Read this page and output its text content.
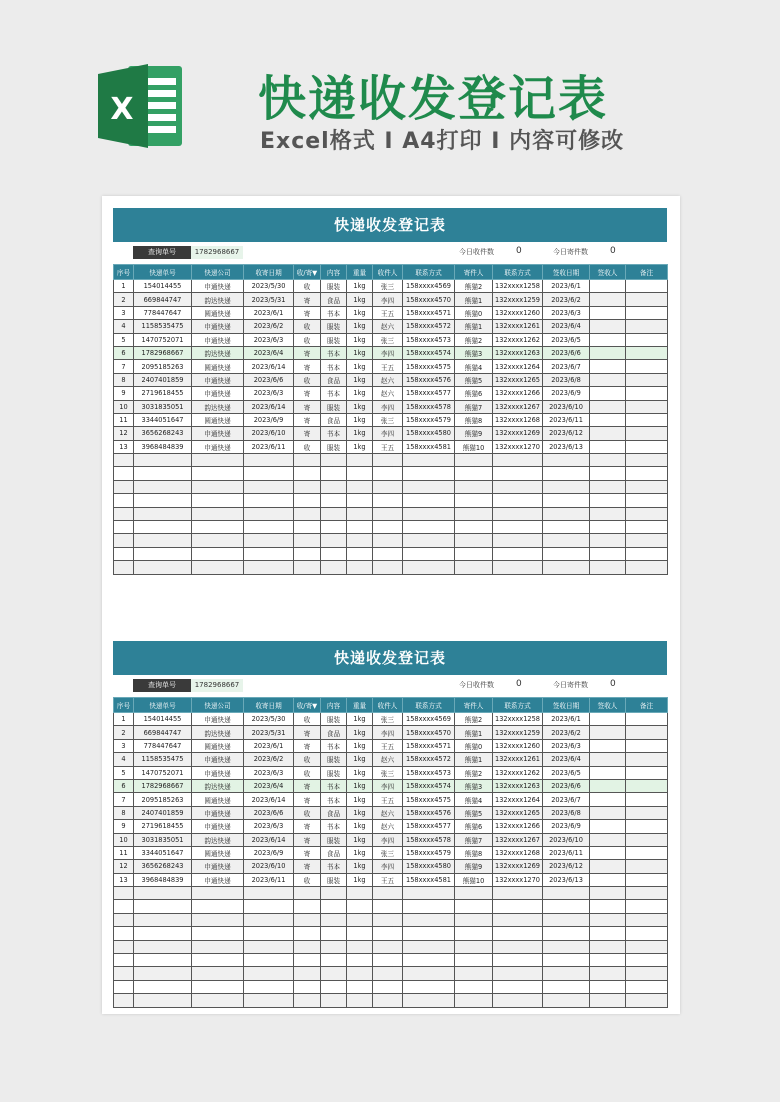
X	快递收发登记表
Excel格式 I A4打印 I 内容可修改
快递收发登记表
查询单号	1782968667	今日收件数 0	今日寄件数 0
序号	快递单号	快递公司	收寄日期	收/寄▼	内容	重量	收件人	联系方式	寄件人	联系方式	签收日期	签收人	备注
1	154014455	申通快递	2023/5/30	收	服装	1kg	张三	158xxxx4569	熊猫2	132xxxx1258	2023/6/1		
2	669844747	韵达快递	2023/5/31	寄	食品	1kg	李四	158xxxx4570	熊猫1	132xxxx1259	2023/6/2		
3	778447647	圆通快递	2023/6/1	寄	书本	1kg	王五	158xxxx4571	熊猫0	132xxxx1260	2023/6/3		
4	1158535475	申通快递	2023/6/2	收	服装	1kg	赵六	158xxxx4572	熊猫1	132xxxx1261	2023/6/4		
5	1470752071	申通快递	2023/6/3	收	服装	1kg	张三	158xxxx4573	熊猫2	132xxxx1262	2023/6/5		
6	1782968667	韵达快递	2023/6/4	寄	书本	1kg	李四	158xxxx4574	熊猫3	132xxxx1263	2023/6/6		
7	2095185263	圆通快递	2023/6/14	寄	书本	1kg	王五	158xxxx4575	熊猫4	132xxxx1264	2023/6/7		
8	2407401859	申通快递	2023/6/6	收	食品	1kg	赵六	158xxxx4576	熊猫5	132xxxx1265	2023/6/8		
9	2719618455	申通快递	2023/6/3	寄	书本	1kg	赵六	158xxxx4577	熊猫6	132xxxx1266	2023/6/9		
10	3031835051	韵达快递	2023/6/14	寄	服装	1kg	李四	158xxxx4578	熊猫7	132xxxx1267	2023/6/10		
11	3344051647	圆通快递	2023/6/9	寄	食品	1kg	张三	158xxxx4579	熊猫8	132xxxx1268	2023/6/11		
12	3656268243	申通快递	2023/6/10	寄	书本	1kg	李四	158xxxx4580	熊猫9	132xxxx1269	2023/6/12		
13	3968484839	申通快递	2023/6/11	收	服装	1kg	王五	158xxxx4581	熊猫10	132xxxx1270	2023/6/13		

快递收发登记表
查询单号	1782968667	今日收件数 0	今日寄件数 0
序号	快递单号	快递公司	收寄日期	收/寄▼	内容	重量	收件人	联系方式	寄件人	联系方式	签收日期	签收人	备注
1	154014455	申通快递	2023/5/30	收	服装	1kg	张三	158xxxx4569	熊猫2	132xxxx1258	2023/6/1		
2	669844747	韵达快递	2023/5/31	寄	食品	1kg	李四	158xxxx4570	熊猫1	132xxxx1259	2023/6/2		
3	778447647	圆通快递	2023/6/1	寄	书本	1kg	王五	158xxxx4571	熊猫0	132xxxx1260	2023/6/3		
4	1158535475	申通快递	2023/6/2	收	服装	1kg	赵六	158xxxx4572	熊猫1	132xxxx1261	2023/6/4		
5	1470752071	申通快递	2023/6/3	收	服装	1kg	张三	158xxxx4573	熊猫2	132xxxx1262	2023/6/5		
6	1782968667	韵达快递	2023/6/4	寄	书本	1kg	李四	158xxxx4574	熊猫3	132xxxx1263	2023/6/6		
7	2095185263	圆通快递	2023/6/14	寄	书本	1kg	王五	158xxxx4575	熊猫4	132xxxx1264	2023/6/7		
8	2407401859	申通快递	2023/6/6	收	食品	1kg	赵六	158xxxx4576	熊猫5	132xxxx1265	2023/6/8		
9	2719618455	申通快递	2023/6/3	寄	书本	1kg	赵六	158xxxx4577	熊猫6	132xxxx1266	2023/6/9		
10	3031835051	韵达快递	2023/6/14	寄	服装	1kg	李四	158xxxx4578	熊猫7	132xxxx1267	2023/6/10		
11	3344051647	圆通快递	2023/6/9	寄	食品	1kg	张三	158xxxx4579	熊猫8	132xxxx1268	2023/6/11		
12	3656268243	申通快递	2023/6/10	寄	书本	1kg	李四	158xxxx4580	熊猫9	132xxxx1269	2023/6/12		
13	3968484839	申通快递	2023/6/11	收	服装	1kg	王五	158xxxx4581	熊猫10	132xxxx1270	2023/6/13		
